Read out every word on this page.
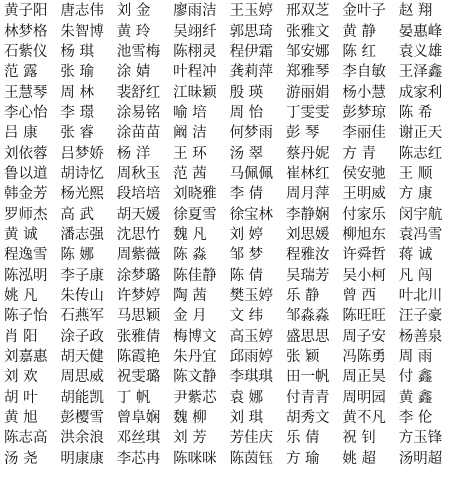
黄子阳 唐志伟 刘 金	廖雨洁 王玉婷 邢双芝 金叶子 赵 翔
林梦格 朱智博 黄 玲	吴翊纤 郭思琦 张雅文 黄 静	晏惠峰
石紫仪 杨 琪	池雪梅 陈栩灵 程伊霜 邹安娜 陈 红	袁义雄
范 露	张 瑜	涂 婧	叶程冲 龚莉萍 郑雅琴 李自敏 王泽鑫
王慧琴 周 林	裴舒红 江昧颖 殷 瑛	游丽娟 杨小慧 成家利
李心怡 李 璟	涂易铭 喻 培	周 怡	丁雯雯 彭梦琼 陈 希
吕 康	张 睿	涂苗苗 阚 洁	何梦雨 彭 琴	李丽佳 谢正天
刘依蓉 吕梦娇 杨 洋	王 环	汤 翠	蔡丹妮 方 青	陈志红
鲁以道 胡诗忆 周秋玉 范 茜	马佩佩 崔林红 侯安驰 王 顺
韩金芳 杨光熙 段培培 刘晓雅 李 倩	周月萍 王明威 方 康
罗师杰 高 武	胡天媛 徐夏雪 徐宝林 李静娴 付家乐 闵宇航
黄 诚	潘志强 沈思竹 魏 凡	刘 婷	刘思媛 柳旭东 袁冯雪
程逸雪 陈 娜	周紫薇 陈 淼	邹 梦	程雅汝 许舜哲 蒋 诚
陈泓明 李子康 涂梦璐 陈佳静 陈 倩	吴瑞芳 吴小柯 凡 闯
姚 凡	朱传山 许梦婷 陶 茜	樊玉婷 乐 静	曾 西	叶北川
陈子怡 石燕军 马思颖 金 月	文 纬	邹淼淼 陈旺旺 汪子豪
肖 阳	涂子政 张雅倩 梅博文 高玉婷 盛思思 周子安 杨善泉
刘嘉惠 胡天健 陈霞艳 朱丹宜 邱雨婷 张 颖	冯陈勇 周 雨
刘 欢	周思威 祝雯璐 陈文静 李琪琪 田一帆 周正昊 付 鑫
胡 叶	胡能凯 丁 帆	尹紫芯 袁 娜	付青青 周明园 黄 鑫
黄 旭	彭樱雪 曾阜娴 魏 柳	刘 琪	胡秀文 黄不凡 李 伦
陈志高 洪余浪 邓丝琪 刘 芳	芳佳庆 乐 倩	祝 钊	方玉锋
汤 尧	明康康 李芯冉 陈咪咪 陈茵钰 方 瑜	姚 超	汤明超
